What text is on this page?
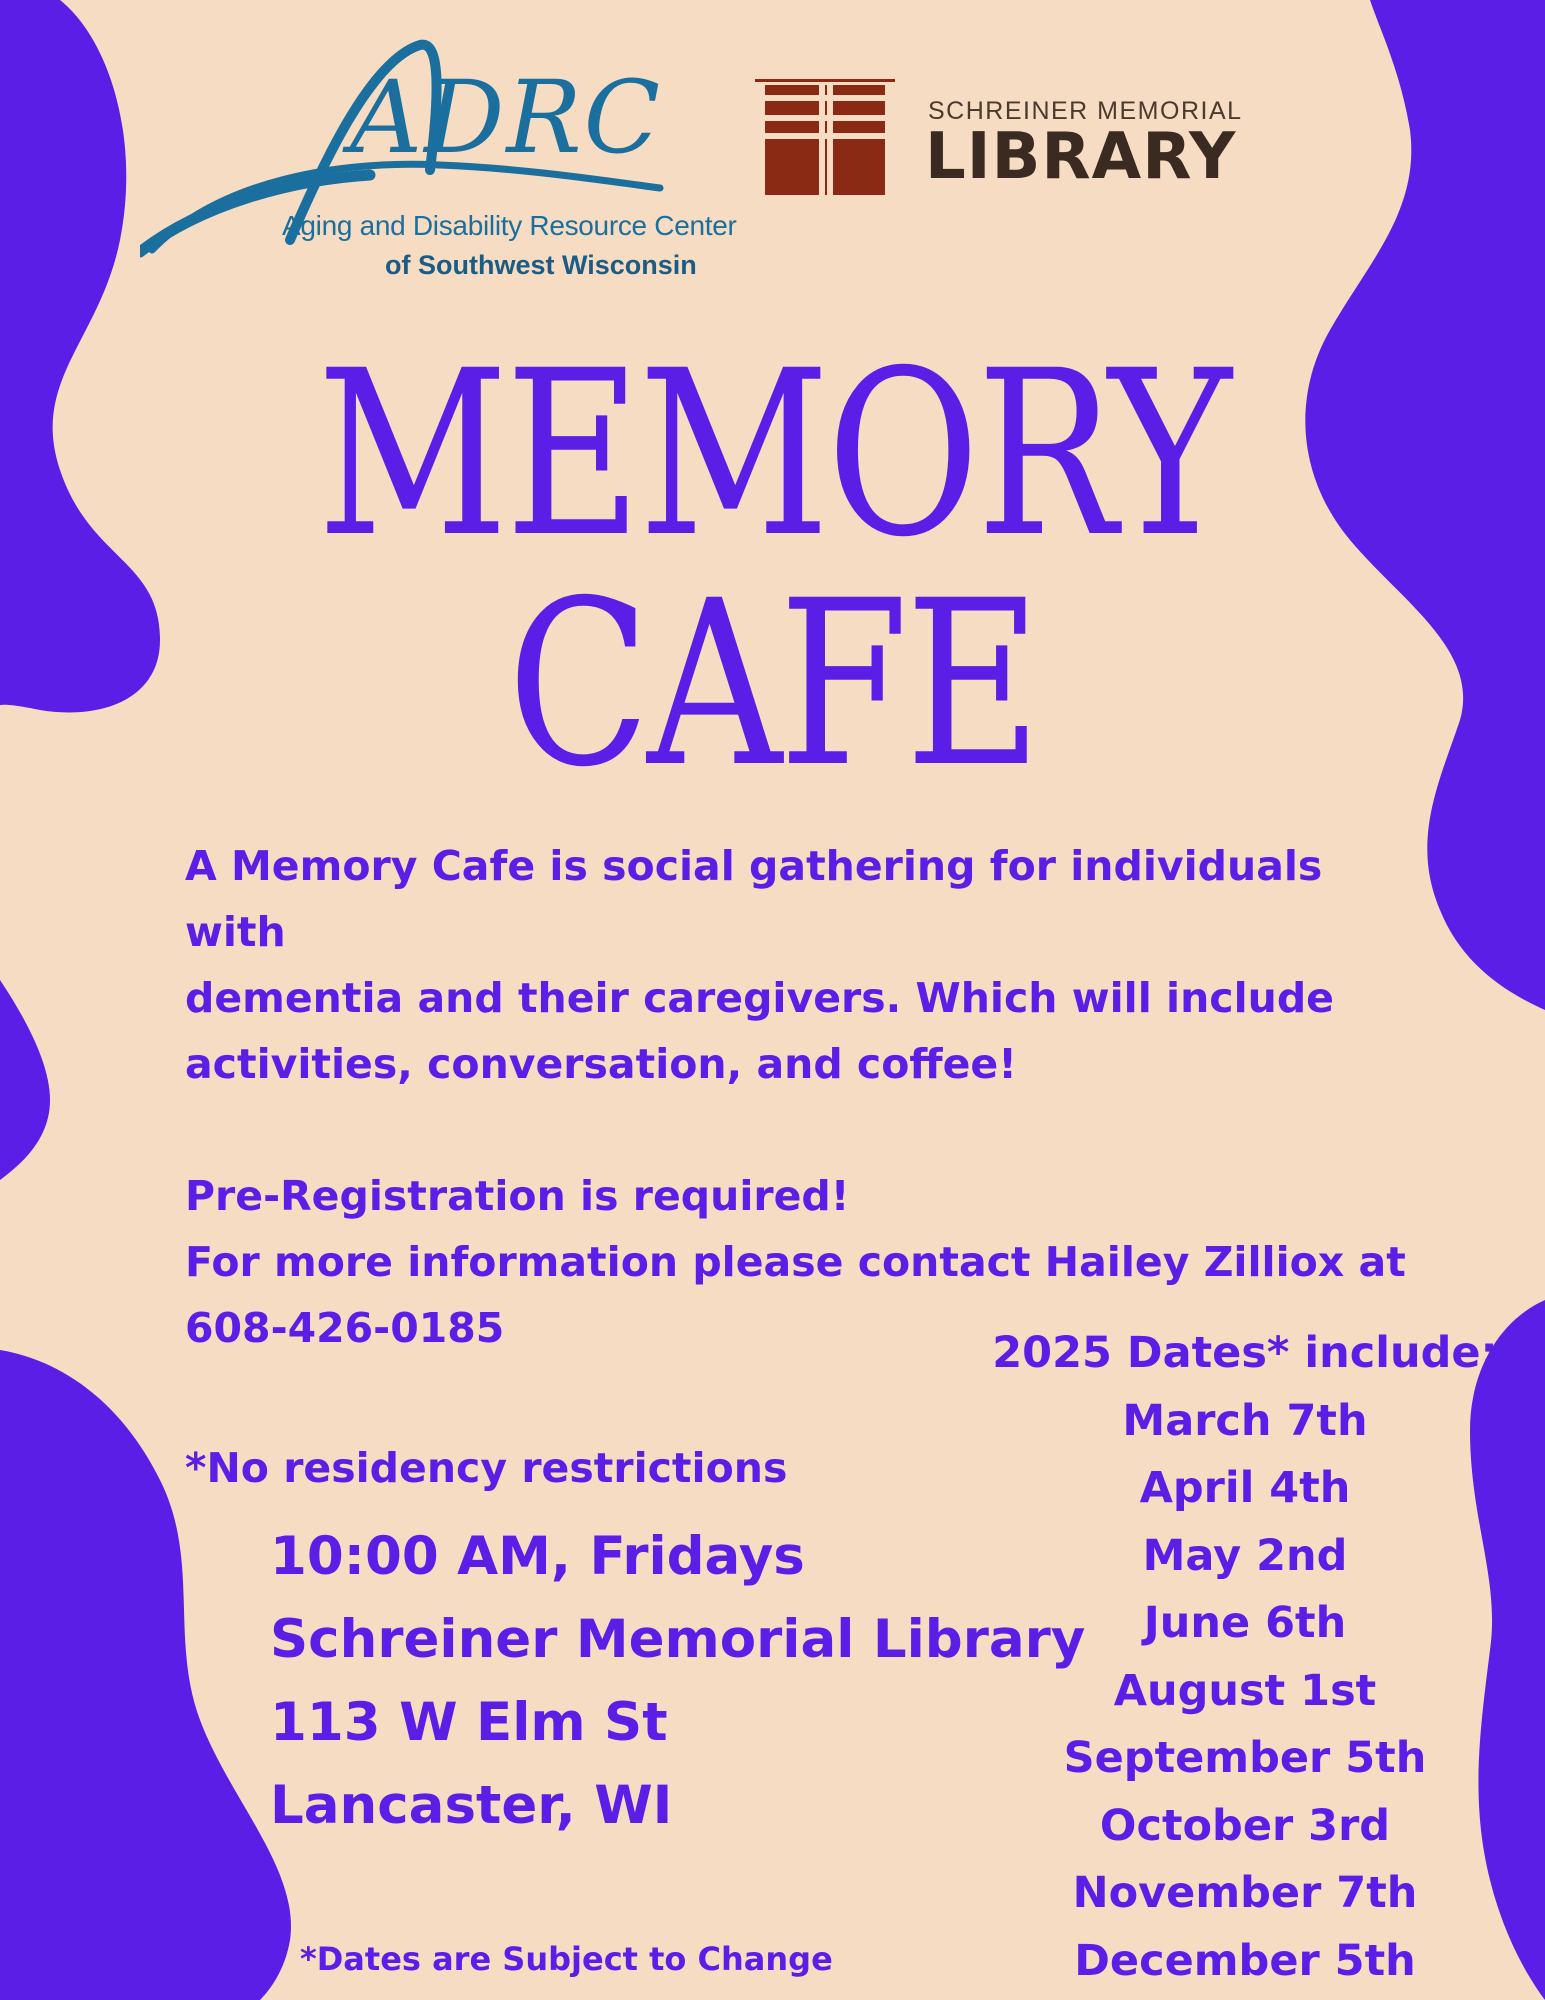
ADRC
Aging and Disability Resource Center
of Southwest Wisconsin
SCHREINER MEMORIAL
LIBRARY
MEMORY
CAFE

A Memory Cafe is social gathering for individuals with

dementia and their caregivers. Which will include

activities, conversation, and coffee!

Pre-Registration is required!

For more information please contact Hailey Zilliox at

608-426-0185

*No residency restrictions

10:00 AM, Fridays
Schreiner Memorial Library
113 W Elm St
Lancaster, WI
2025 Dates* include:
March 7th
April 4th
May 2nd
June 6th
August 1st
September 5th
October 3rd
November 7th
December 5th
*Dates are Subject to Change
